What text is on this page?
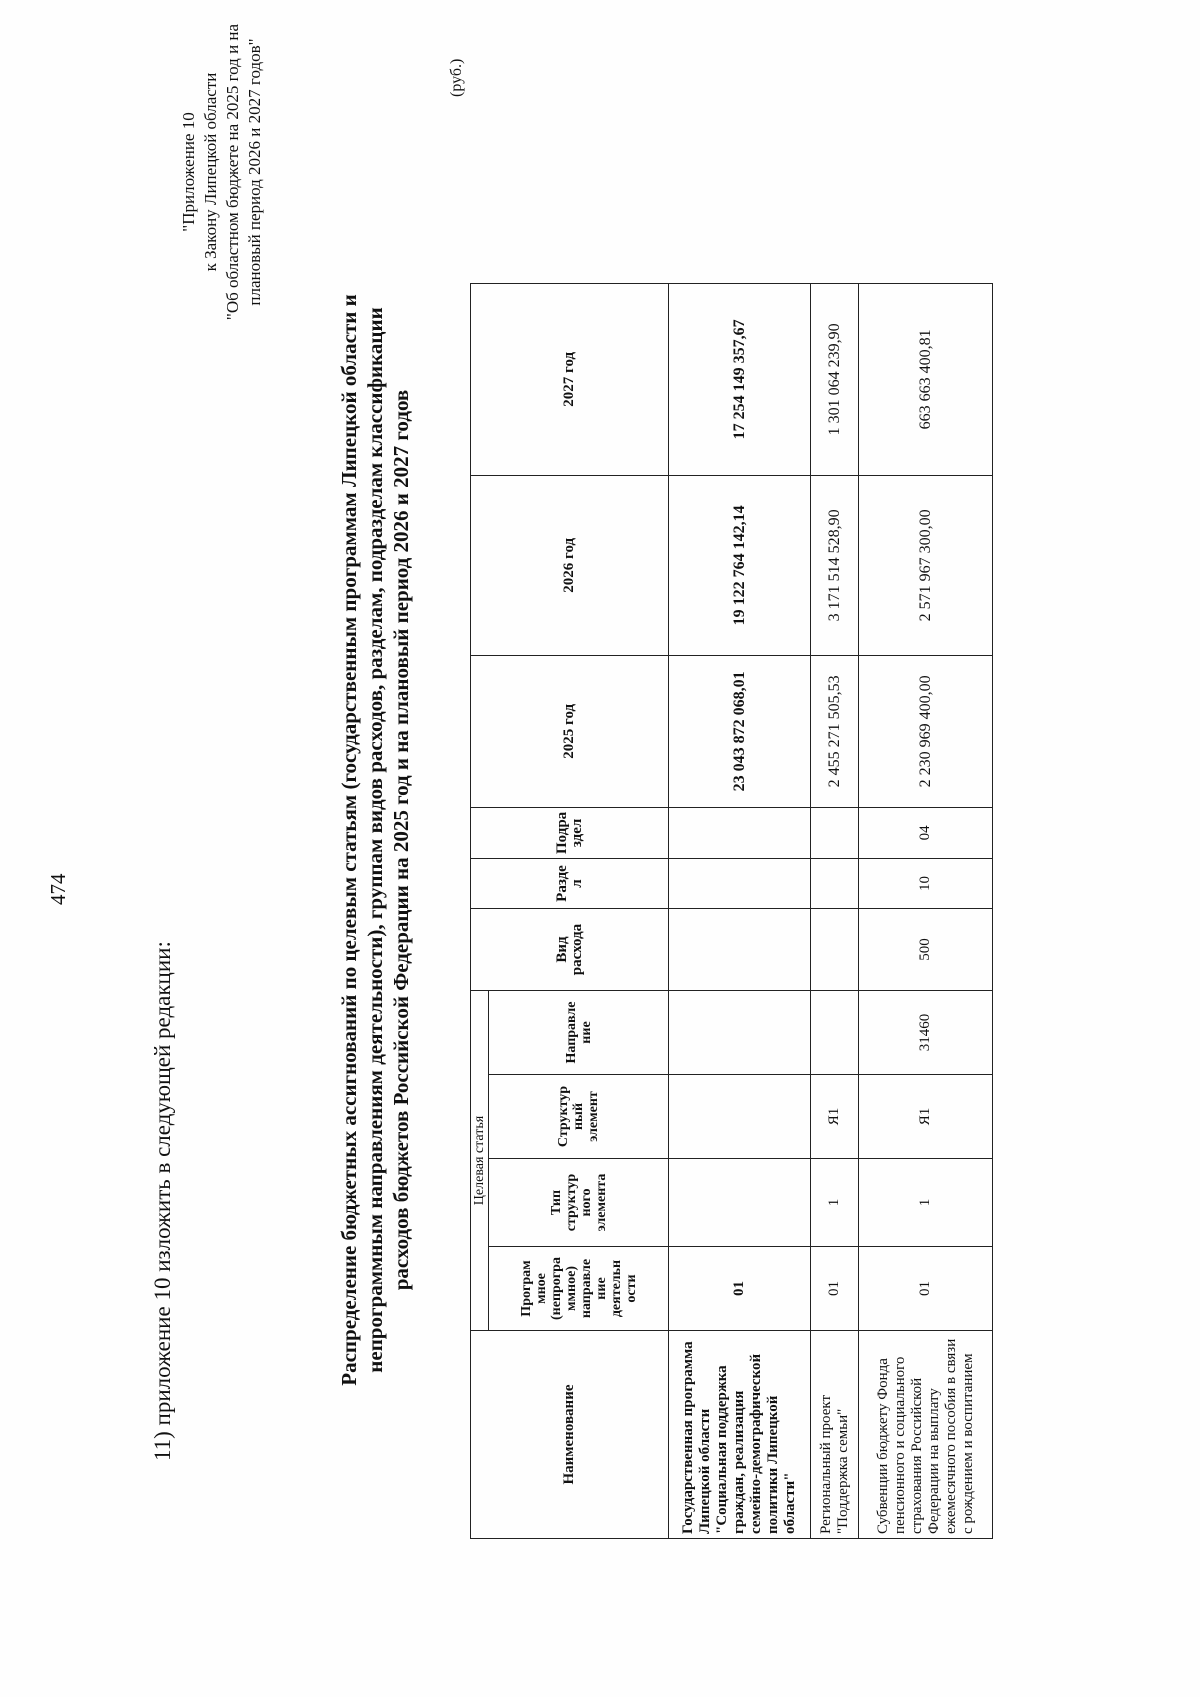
474
11) приложение 10 изложить в следующей редакции:
"Приложение 10 к Закону Липецкой области "Об областном бюджете на 2025 год и на плановый период 2026 и 2027 годов"
Распределение бюджетных ассигнований по целевым статьям (государственным программам Липецкой области и непрограммным направлениям деятельности), группам видов расходов, разделам, подразделам классификации расходов бюджетов Российской Федерации на 2025 год и на плановый период 2026 и 2027 годов
(руб.)
Наименование	Целевая статья				Вид расхода	Разде л	Подра здел	2025 год	2026 год	2027 год
	Програм мное (непрогра ммное) направле ние деятельн ости	Тип структур ного элемента	Структур ный элемент	Направле ние						
Государственная программа Липецкой области "Социальная поддержка граждан, реализация семейно-демографической политики Липецкой области"	01							23 043 872 068,01	19 122 764 142,14	17 254 149 357,67
Региональный проект "Поддержка семьи"	01	1	Я1					2 455 271 505,53	3 171 514 528,90	1 301 064 239,90
Субвенции бюджету Фонда пенсионного и социального страхования Российской Федерации на выплату ежемесячного пособия в связи с рождением и воспитанием	01	1	Я1	31460	500	10	04	2 230 969 400,00	2 571 967 300,00	663 663 400,81
